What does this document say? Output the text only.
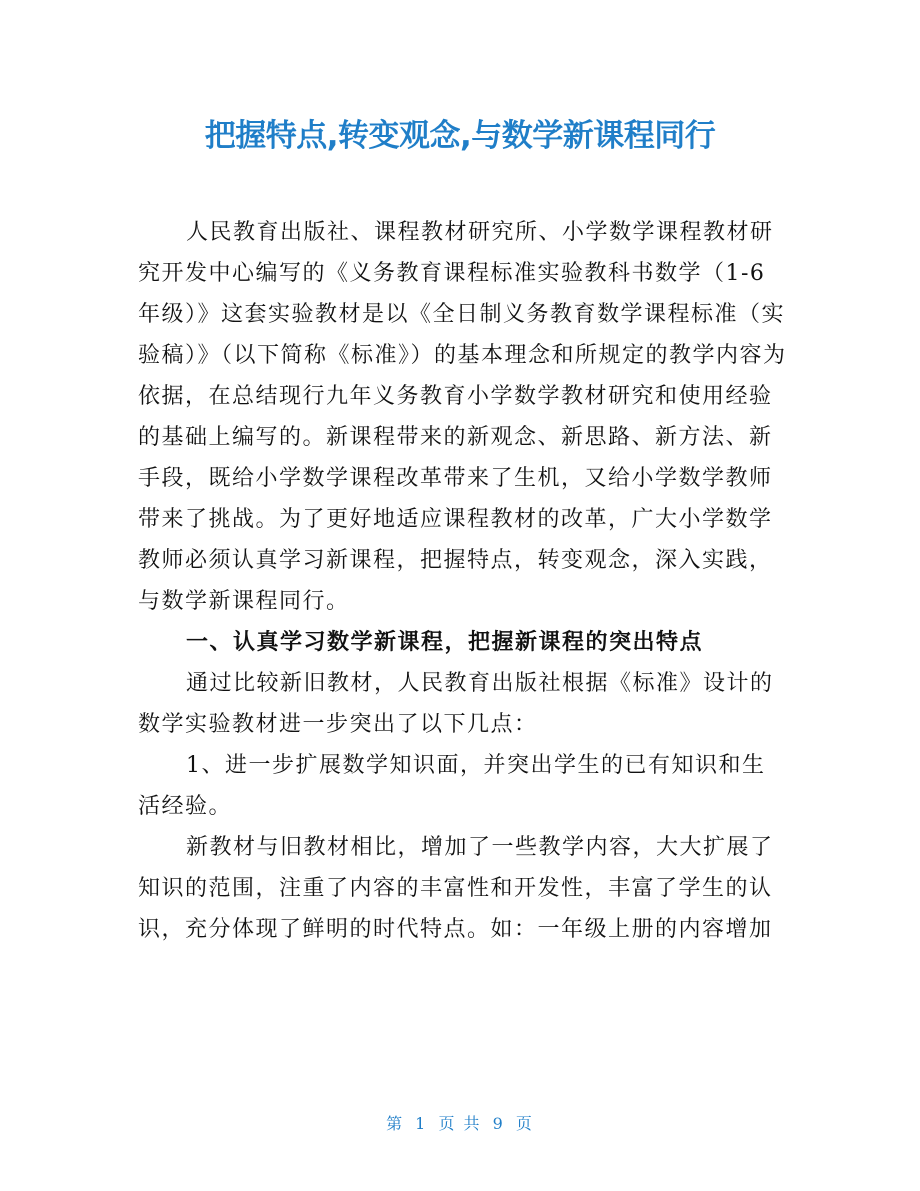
把握特点,转变观念,与数学新课程同行

人民教育出版社、课程教材研究所、小学数学课程教材研究开发中心编写的《义务教育课程标准实验教科书数学（1-6年级）》这套实验教材是以《全日制义务教育数学课程标准（实验稿）》（以下简称《标准》）的基本理念和所规定的教学内容为依据，在总结现行九年义务教育小学数学教材研究和使用经验的基础上编写的。新课程带来的新观念、新思路、新方法、新手段，既给小学数学课程改革带来了生机，又给小学数学教师带来了挑战。为了更好地适应课程教材的改革，广大小学数学教师必须认真学习新课程，把握特点，转变观念，深入实践，与数学新课程同行。

一、认真学习数学新课程，把握新课程的突出特点

通过比较新旧教材，人民教育出版社根据《标准》设计的数学实验教材进一步突出了以下几点：

1、进一步扩展数学知识面，并突出学生的已有知识和生活经验。

新教材与旧教材相比，增加了一些教学内容，大大扩展了知识的范围，注重了内容的丰富性和开发性，丰富了学生的认识，充分体现了鲜明的时代特点。如：一年级上册的内容增加

第 1 页 共 9 页
